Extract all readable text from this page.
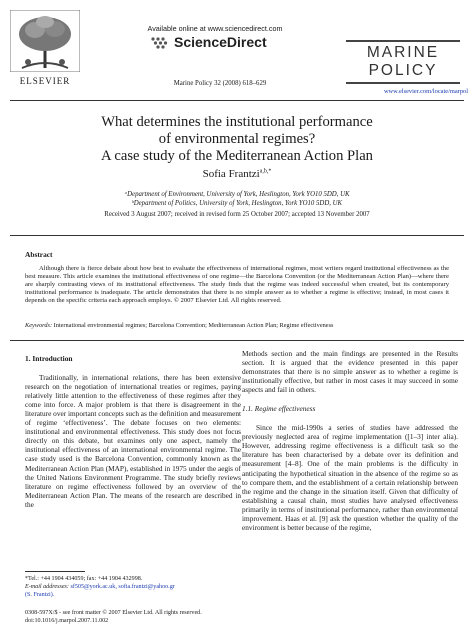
ELSEVIER
Available online at www.sciencedirect.com
ScienceDirect
Marine Policy 32 (2008) 618–629
MARINE
POLICY
www.elsevier.com/locate/marpol
What determines the institutional performance
of environmental regimes?
A case study of the Mediterranean Action Plan
Sofia Frantzi$^{a,b,*}$
ᵃDepartment of Environment, University of York, Heslington, York YO10 5DD, UK
ᵇDepartment of Politics, University of York, Heslington, York YO10 5DD, UK
Received 3 August 2007; received in revised form 25 October 2007; accepted 13 November 2007
Abstract
Although there is fierce debate about how best to evaluate the effectiveness of international regimes, most writers regard institutional effectiveness as the best measure. This article examines the institutional effectiveness of one regime—the Barcelona Convention (or the Mediterranean Action Plan)—where there are sharply contrasting views of its institutional effectiveness. The study finds that the regime was indeed successful when created, but its contemporary institutional performance is inadequate. The article demonstrates that there is no simple answer as to whether a regime is effective; instead, in most cases it depends on the specific criteria each approach employs. © 2007 Elsevier Ltd. All rights reserved.
Keywords: International environmental regimes; Barcelona Convention; Mediterranean Action Plan; Regime effectiveness
1. Introduction

Traditionally, in international relations, there has been extensive research on the negotiation of international treaties or regimes, paying relatively little attention to the effectiveness of these regimes after they come into force. A major problem is that there is disagreement in the literature over important concepts such as the definition and measurement of regime ‘effectiveness’. The debate focuses on two elements: institutional and environmental effectiveness. This study does not focus directly on this debate, but examines only one aspect, namely the institutional effectiveness of an international environmental regime. The case study used is the Barcelona Convention, commonly known as the Mediterranean Action Plan (MAP), established in 1975 under the aegis of the United Nations Environment Programme. The study briefly reviews literature on regime effectiveness followed by an overview of the Mediterranean Action Plan. The means of the research are described in the

Methods section and the main findings are presented in the Results section. It is argued that the evidence presented in this paper demonstrates that there is no simple answer as to whether a regime is institutionally effective, but rather in most cases it may succeed in some aspects and fail in others.

1.1. Regime effectiveness

Since the mid-1990s a series of studies have addressed the previously neglected area of regime implementation ([1–3] inter alia). However, addressing regime effectiveness is a difficult task so the literature has been characterised by a debate over its definition and measurement [4–8]. One of the main problems is the difficulty in anticipating the hypothetical situation in the absence of the regime so as to compare them, and the establishment of a certain relationship between the regime and the change in the situation itself. Given that difficulty of establishing a causal chain, most studies have analysed effectiveness primarily in terms of institutional performance, rather than environmental improvement. Haas et al. [9] ask the question whether the quality of the environment is better because of the regime,

*Tel.: +44 1904 434059; fax: +44 1904 432998.
E-mail addresses: sf505@york.ac.uk, sofia.frantzi@yahoo.gr
(S. Frantzi).
0308-597X/$ - see front matter © 2007 Elsevier Ltd. All rights reserved.
doi:10.1016/j.marpol.2007.11.002
